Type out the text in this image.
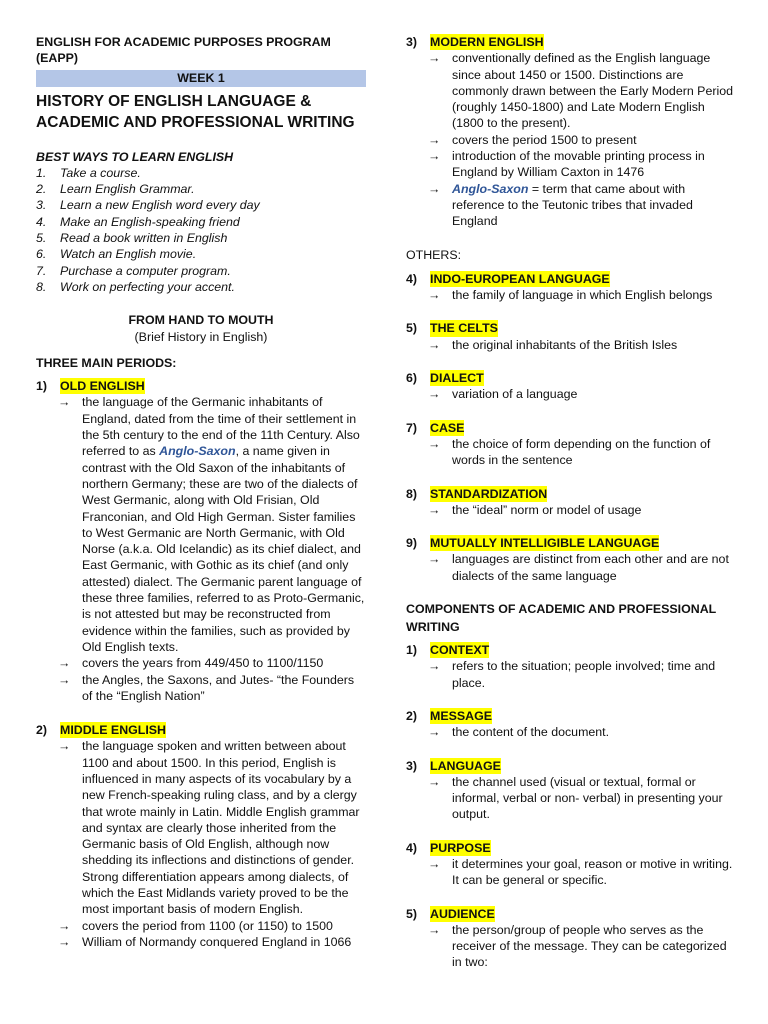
ENGLISH FOR ACADEMIC PURPOSES PROGRAM (EAPP)
WEEK 1
HISTORY OF ENGLISH LANGUAGE &
ACADEMIC AND PROFESSIONAL WRITING
BEST WAYS TO LEARN ENGLISH
1.	Take a course.
2.	Learn English Grammar.
3.	Learn a new English word every day
4.	Make an English-speaking friend
5.	Read a book written in English
6.	Watch an English movie.
7.	Purchase a computer program.
8.	Work on perfecting your accent.
FROM HAND TO MOUTH
(Brief History in English)
THREE MAIN PERIODS:
1)	OLD ENGLISH
→ the language of the Germanic inhabitants of England, dated from the time of their settlement in the 5th century to the end of the 11th Century. Also referred to as Anglo-Saxon, a name given in contrast with the Old Saxon of the inhabitants of northern Germany; these are two of the dialects of West Germanic, along with Old Frisian, Old Franconian, and Old High German. Sister families to West Germanic are North Germanic, with Old Norse (a.k.a. Old Icelandic) as its chief dialect, and East Germanic, with Gothic as its chief (and only attested) dialect. The Germanic parent language of these three families, referred to as Proto-Germanic, is not attested but may be reconstructed from evidence within the families, such as provided by Old English texts.
→ covers the years from 449/450 to 1100/1150
→ the Angles, the Saxons, and Jutes- “the Founders of the “English Nation”
2)	MIDDLE ENGLISH
→ the language spoken and written between about 1100 and about 1500. In this period, English is influenced in many aspects of its vocabulary by a new French-speaking ruling class, and by a clergy that wrote mainly in Latin. Middle English grammar and syntax are clearly those inherited from the Germanic basis of Old English, although now shedding its inflections and distinctions of gender. Strong differentiation appears among dialects, of which the East Midlands variety proved to be the most important basis of modern English.
→ covers the period from 1100 (or 1150) to 1500
→ William of Normandy conquered England in 1066
3)	MODERN ENGLISH
→ conventionally defined as the English language since about 1450 or 1500. Distinctions are commonly drawn between the Early Modern Period (roughly 1450-1800) and Late Modern English (1800 to the present).
→ covers the period 1500 to present
→ introduction of the movable printing process in England by William Caxton in 1476
→ Anglo-Saxon = term that came about with reference to the Teutonic tribes that invaded England
OTHERS:
4)	INDO-EUROPEAN LANGUAGE
→ the family of language in which English belongs
5)	THE CELTS
→ the original inhabitants of the British Isles
6)	DIALECT
→ variation of a language
7)	CASE
→ the choice of form depending on the function of words in the sentence
8)	STANDARDIZATION
→ the “ideal” norm or model of usage
9)	MUTUALLY INTELLIGIBLE
LANGUAGE
→ languages are distinct from each other and are not dialects of the same language
COMPONENTS OF ACADEMIC AND PROFESSIONAL WRITING
1)	CONTEXT
→ refers to the situation; people involved; time and place.
2)	MESSAGE
→ the content of the document.
3)	LANGUAGE
→ the channel used (visual or textual, formal or informal, verbal or non- verbal) in presenting your output.
4)	PURPOSE
→ it determines your goal, reason or motive in writing. It can be general or specific.
5)	AUDIENCE
→ the person/group of people who serves as the receiver of the message. They can be categorized in two:
